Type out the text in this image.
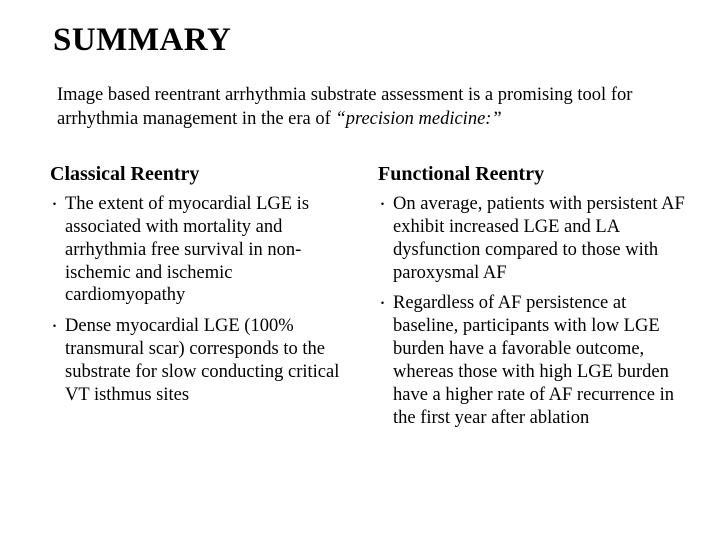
SUMMARY
Image based reentrant arrhythmia substrate assessment is a promising tool for arrhythmia management in the era of “precision medicine:”
Classical Reentry
· The extent of myocardial LGE is associated with mortality and arrhythmia free survival in non-ischemic and ischemic cardiomyopathy
· Dense myocardial LGE (100% transmural scar) corresponds to the substrate for slow conducting critical VT isthmus sites
Functional Reentry
· On average, patients with persistent AF exhibit increased LGE and LA dysfunction compared to those with paroxysmal AF
· Regardless of AF persistence at baseline, participants with low LGE burden have a favorable outcome, whereas those with high LGE burden have a higher rate of AF recurrence in the first year after ablation
